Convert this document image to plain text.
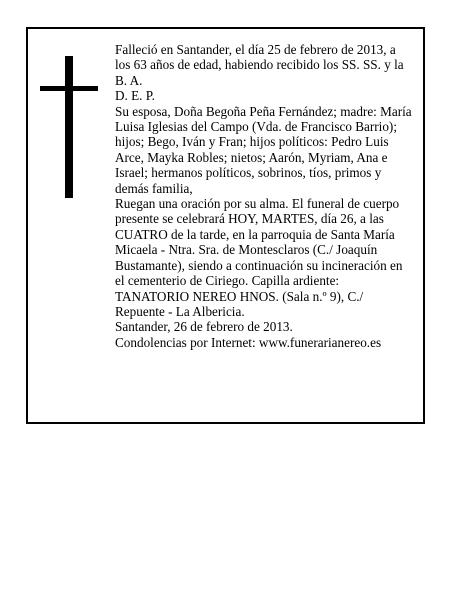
Falleció en Santander, el día 25 de febrero de 2013, a los 63 años de edad, habiendo recibido los SS. SS. y la B. A.

D. E. P.

Su esposa, Doña Begoña Peña Fernández; madre: María Luisa Iglesias del Campo (Vda. de Francisco Barrio); hijos; Bego, Iván y Fran; hijos políticos: Pedro Luis Arce, Mayka Robles; nietos; Aarón, Myriam, Ana e Israel; hermanos políticos, sobrinos, tíos, primos y demás familia,

Ruegan una oración por su alma. El funeral de cuerpo presente se celebrará HOY, MARTES, día 26, a las CUATRO de la tarde, en la parroquia de Santa María Micaela - Ntra. Sra. de Montesclaros (C./ Joaquín Bustamante), siendo a continuación su incineración en el cementerio de Ciriego. Capilla ardiente: TANATORIO NEREO HNOS. (Sala n.º 9), C./ Repuente - La Albericia.

Santander, 26 de febrero de 2013.

Condolencias por Internet: www.funerarianereo.es
